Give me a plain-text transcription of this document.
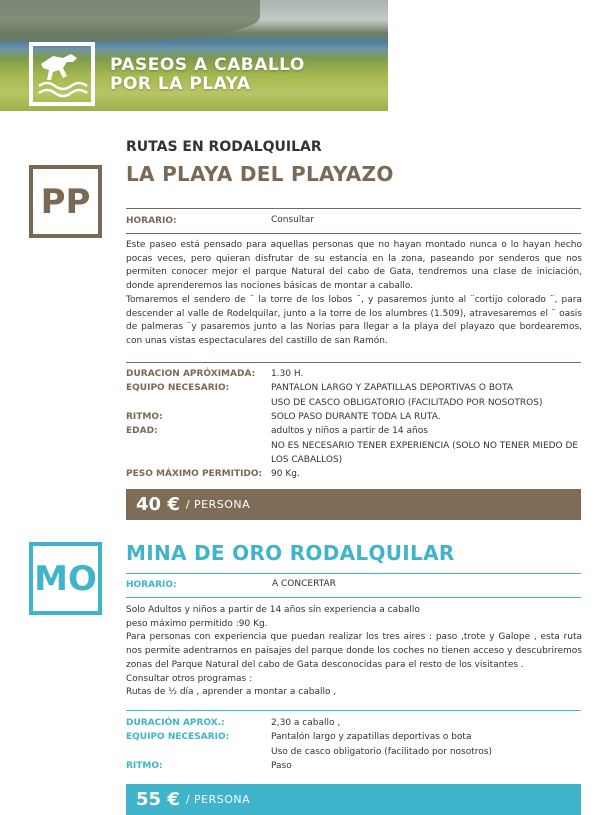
PASEOS A CABALLO
POR LA PLAYA
RUTAS EN RODALQUILAR
PP
LA PLAYA DEL PLAYAZO
HORARIO:	Consultar

Este paseo está pensado para aquellas personas que no hayan montado nunca o lo hayan hecho pocas veces, pero quieran disfrutar de su estancia en la zona, paseando por senderos que nos permiten conocer mejor el parque Natural del cabo de Gata, tendremos una clase de iniciación, donde aprenderemos las nociones básicas de montar a caballo.

Tomaremos el sendero de ¨ la torre de los lobos ¨, y pasaremos junto al ¨cortijo colorado ¨, para descender al valle de Rodelquilar, junto a la torre de los alumbres (1.509), atravesaremos el ¨ oasis de palmeras ¨y pasaremos junto a las Norias para llegar a la playa del playazo que bordearemos, con unas vistas espectaculares del castillo de san Ramón.

DURACION APRÓXIMADA: 1.30 H.
EQUIPO NECESARIO:	PANTALON LARGO Y ZAPATILLAS DEPORTIVAS O BOTA
USO DE CASCO OBLIGATORIO (FACILITADO POR NOSOTROS)
RITMO:	SOLO PASO DURANTE TODA LA RUTA.
EDAD:	adultos y niños a partir de 14 años
NO ES NECESARIO TENER EXPERIENCIA (SOLO NO TENER MIEDO DE
LOS CABALLOS)
PESO MÁXIMO PERMITIDO: 90 Kg.
40 € / PERSONA
MO
MINA DE ORO RODALQUILAR
HORARIO:	A CONCERTAR

Solo Adultos y niños a partir de 14 años sin experiencia a caballo

peso máximo permitido :90 Kg.

Para personas con experiencia que puedan realizar los tres aires : paso ,trote y Galope , esta ruta nos permite adentrarnos en paisajes del parque donde los coches no tienen acceso y descubriremos zonas del Parque Natural del cabo de Gata desconocidas para el resto de los visitantes .

Consultar otros programas :

Rutas de ½ día , aprender a montar a caballo ,

DURACIÓN APROX.:	2,30 a caballo ,
EQUIPO NECESARIO:	Pantalón largo y zapatillas deportivas o bota
Uso de casco obligatorio (facilitado por nosotros)
RITMO:	Paso
55 € / PERSONA
